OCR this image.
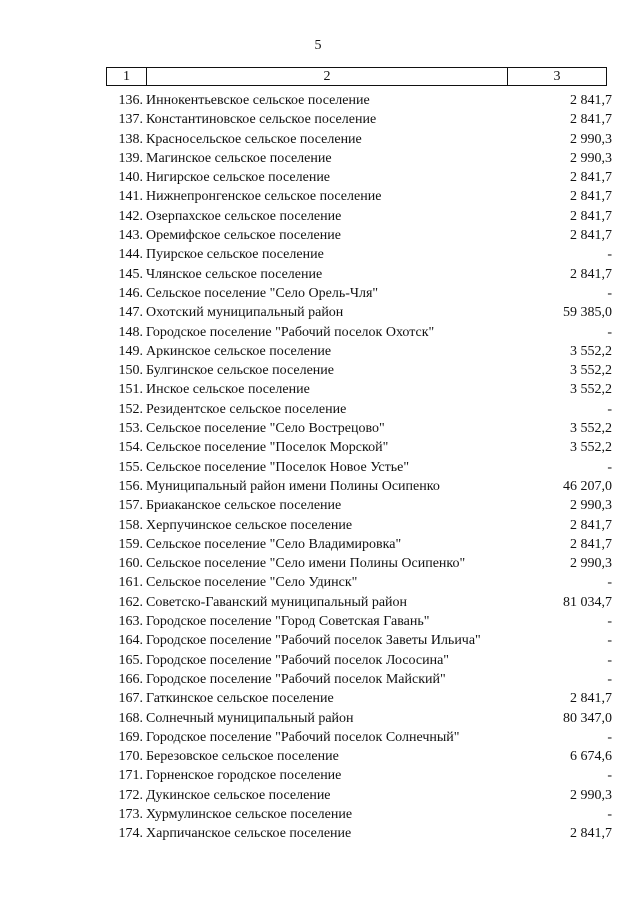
5
1	2	3
136. Иннокентьевское сельское поселение	2 841,7
137. Константиновское сельское поселение	2 841,7
138. Красносельское сельское поселение	2 990,3
139. Магинское сельское поселение	2 990,3
140. Нигирское сельское поселение	2 841,7
141. Нижнепронгенское сельское поселение	2 841,7
142. Озерпахское сельское поселение	2 841,7
143. Оремифское сельское поселение	2 841,7
144. Пуирское сельское поселение	-
145. Члянское сельское поселение	2 841,7
146. Сельское поселение "Село Орель-Чля"	-
147. Охотский муниципальный район	59 385,0
148. Городское поселение "Рабочий поселок Охотск"	-
149. Аркинское сельское поселение	3 552,2
150. Булгинское сельское поселение	3 552,2
151. Инское сельское поселение	3 552,2
152. Резидентское сельское поселение	-
153. Сельское поселение "Село Вострецово"	3 552,2
154. Сельское поселение "Поселок Морской"	3 552,2
155. Сельское поселение "Поселок Новое Устье"	-
156. Муниципальный район имени Полины Осипенко	46 207,0
157. Бриаканское сельское поселение	2 990,3
158. Херпучинское сельское поселение	2 841,7
159. Сельское поселение "Село Владимировка"	2 841,7
160. Сельское поселение "Село имени Полины Осипенко"	2 990,3
161. Сельское поселение "Село Удинск"	-
162. Советско-Гаванский муниципальный район	81 034,7
163. Городское поселение "Город Советская Гавань"	-
164. Городское поселение "Рабочий поселок Заветы Ильича"	-
165. Городское поселение "Рабочий поселок Лососина"	-
166. Городское поселение "Рабочий поселок Майский"	-
167. Гаткинское сельское поселение	2 841,7
168. Солнечный муниципальный район	80 347,0
169. Городское поселение "Рабочий поселок Солнечный"	-
170. Березовское сельское поселение	6 674,6
171. Горненское городское поселение	-
172. Дукинское сельское поселение	2 990,3
173. Хурмулинское сельское поселение	-
174. Харпичанское сельское поселение	2 841,7
